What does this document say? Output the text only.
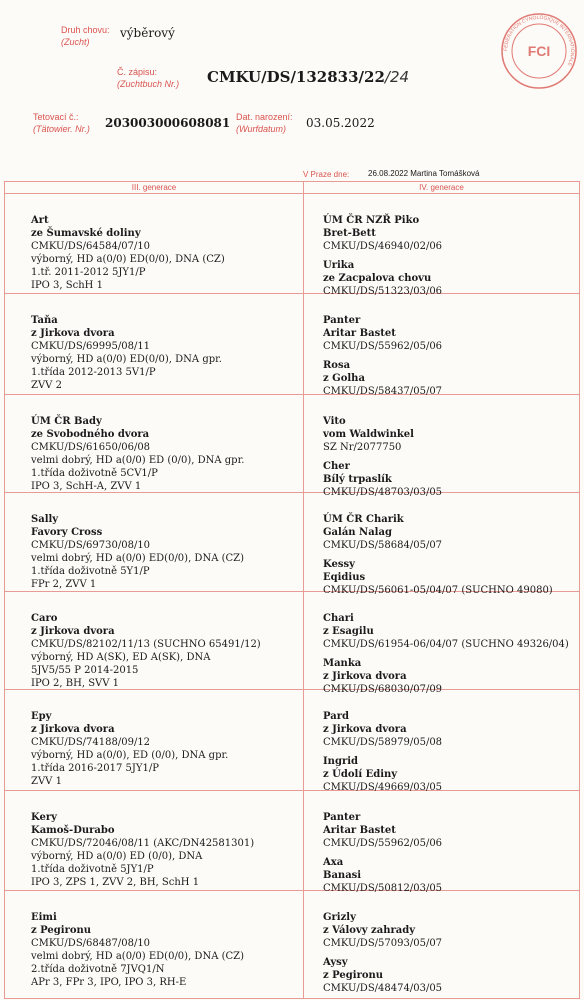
Druh chovu:
(Zucht)
výběrový
Č. zápisu:
(Zuchtbuch Nr.) CMKU/DS/132833/22/24
Tetovací č.:
(Tätowier. Nr.) 203003000608081 Dat. narození:
(Wurfdatum)	03.05.2022
V Praze dne: 26.08.2022 Martina Tomášková
FÉDÉRATION CYNOLOGIQUE INTERNATIONALE
FCI
III. generace	IV. generace
Art
ze Šumavské doliny
CMKU/DS/64584/07/10
výborný, HD a(0/0) ED(0/0), DNA (CZ)
1.tř. 2011-2012 5JY1/P
IPO 3, SchH 1
ÚM ČR NZŘ Piko
Bret-Bett
CMKU/DS/46940/02/06
Urika
ze Zacpalova chovu
CMKU/DS/51323/03/06
Taňa
z Jirkova dvora
CMKU/DS/69995/08/11
výborný, HD a(0/0) ED(0/0), DNA gpr.
1.třída 2012-2013 5V1/P
ZVV 2
Panter
Aritar Bastet
CMKU/DS/55962/05/06
Rosa
z Golha
CMKU/DS/58437/05/07
ÚM ČR Bady
ze Svobodného dvora
CMKU/DS/61650/06/08
velmi dobrý, HD a(0/0) ED (0/0), DNA gpr.
1.třída doživotně 5CV1/P
IPO 3, SchH-A, ZVV 1
Vito
vom Waldwinkel
SZ Nr/2077750
Cher
Bílý trpaslík
CMKU/DS/48703/03/05
Sally
Favory Cross
CMKU/DS/69730/08/10
velmi dobrý, HD a(0/0) ED(0/0), DNA (CZ)
1.třída doživotně 5Y1/P
FPr 2, ZVV 1
ÚM ČR Charik
Galán Nalag
CMKU/DS/58684/05/07
Kessy
Eqidius
CMKU/DS/56061-05/04/07 (SUCHNO 49080)
Caro
z Jirkova dvora
CMKU/DS/82102/11/13 (SUCHNO 65491/12)
výborný, HD A(SK), ED A(SK), DNA
5JV5/55 P 2014-2015
IPO 2, BH, SVV 1
Chari
z Esagilu
CMKU/DS/61954-06/04/07 (SUCHNO 49326/04)
Manka
z Jirkova dvora
CMKU/DS/68030/07/09
Epy
z Jirkova dvora
CMKU/DS/74188/09/12
výborný, HD a(0/0), ED (0/0), DNA gpr.
1.třída 2016-2017 5JY1/P
ZVV 1
Pard
z Jirkova dvora
CMKU/DS/58979/05/08
Ingrid
z Údolí Ediny
CMKU/DS/49669/03/05
Kery
Kamoš-Durabo
CMKU/DS/72046/08/11 (AKC/DN42581301)
výborný, HD a(0/0) ED (0/0), DNA
1.třída doživotně 5JY1/P
IPO 3, ZPS 1, ZVV 2, BH, SchH 1
Panter
Aritar Bastet
CMKU/DS/55962/05/06
Axa
Banasi
CMKU/DS/50812/03/05
Eimi
z Pegironu
CMKU/DS/68487/08/10
velmi dobrý, HD a(0/0) ED(0/0), DNA (CZ)
2.třída doživotně 7JVQ1/N
APr 3, FPr 3, IPO, IPO 3, RH-E
Grizly
z Válovy zahrady
CMKU/DS/57093/05/07
Aysy
z Pegironu
CMKU/DS/48474/03/05
